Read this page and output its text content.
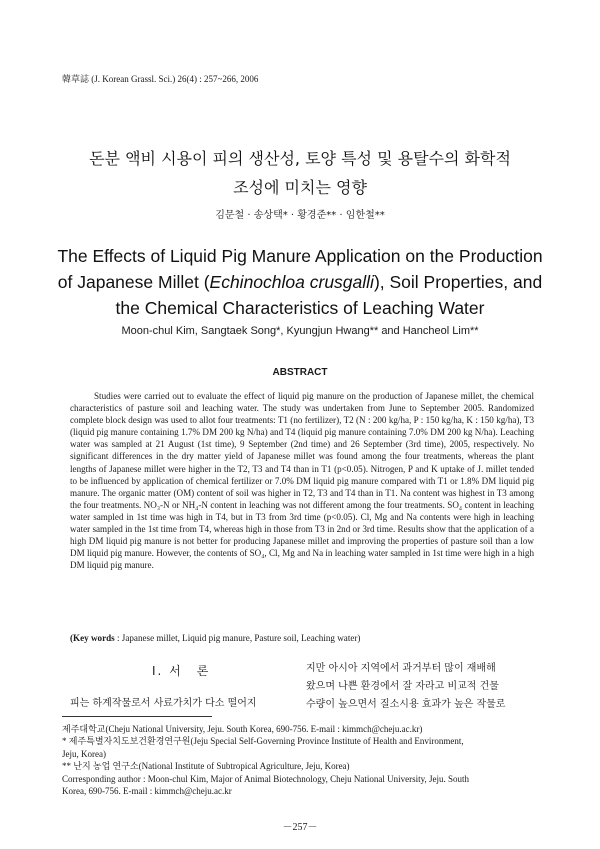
韓草誌 (J. Korean Grassl. Sci.) 26(4) : 257~266, 2006
돈분 액비 시용이 피의 생산성, 토양 특성 및 용탈수의 화학적
조성에 미치는 영향
김문철 · 송상택* · 황경준** · 임한철**
The Effects of Liquid Pig Manure Application on the Production
of Japanese Millet (Echinochloa crusgalli), Soil Properties, and
the Chemical Characteristics of Leaching Water
Moon-chul Kim, Sangtaek Song*, Kyungjun Hwang** and Hancheol Lim**
ABSTRACT
Studies were carried out to evaluate the effect of liquid pig manure on the production of Japanese millet, the chemical characteristics of pasture soil and leaching water. The study was undertaken from June to September 2005. Randomized complete block design was used to allot four treatments: T1 (no fertilizer), T2 (N : 200 kg/ha, P : 150 kg/ha, K : 150 kg/ha), T3 (liquid pig manure containing 1.7% DM 200 kg N/ha) and T4 (liquid pig manure containing 7.0% DM 200 kg N/ha). Leaching water was sampled at 21 August (1st time), 9 September (2nd time) and 26 September (3rd time), 2005, respectively. No significant differences in the dry matter yield of Japanese millet was found among the four treatments, whereas the plant lengths of Japanese millet were higher in the T2, T3 and T4 than in T1 (p<0.05). Nitrogen, P and K uptake of J. millet tended to be influenced by application of chemical fertilizer or 7.0% DM liquid pig manure compared with T1 or 1.8% DM liquid pig manure. The organic matter (OM) content of soil was higher in T2, T3 and T4 than in T1. Na content was highest in T3 among the four treatments. NO₃-N or NH₄-N content in leaching was not different among the four treatments. SO₄ content in leaching water sampled in 1st time was high in T4, but in T3 from 3rd time (p<0.05). Cl, Mg and Na contents were high in leaching water sampled in the 1st time from T4, whereas high in those from T3 in 2nd or 3rd time. Results show that the application of a high DM liquid pig manure is not better for producing Japanese millet and improving the properties of pasture soil than a low DM liquid pig manure. However, the contents of SO₄, Cl, Mg and Na in leaching water sampled in 1st time were high in a high DM liquid pig manure.
(Key words : Japanese millet, Liquid pig manure, Pasture soil, Leaching water)
Ⅰ. 서　론
피는 하계작물로서 사료가치가 다소 떨어지
지만 아시아 지역에서 과거부터 많이 재배해
왔으며 나쁜 환경에서 잘 자라고 비교적 건물
수량이 높으면서 질소시용 효과가 높은 작물로
제주대학교(Cheju National University, Jeju. South Korea, 690-756. E-mail : kimmch@cheju.ac.kr)
* 제주특별자치도보건환경연구원(Jeju Special Self-Governing Province Institute of Health and Environment,
Jeju, Korea)
** 난지 농업 연구소(National Institute of Subtropical Agriculture, Jeju, Korea)
Corresponding author : Moon-chul Kim, Major of Animal Biotechnology, Cheju National University, Jeju. South
Korea, 690-756. E-mail : kimmch@cheju.ac.kr
－257－
